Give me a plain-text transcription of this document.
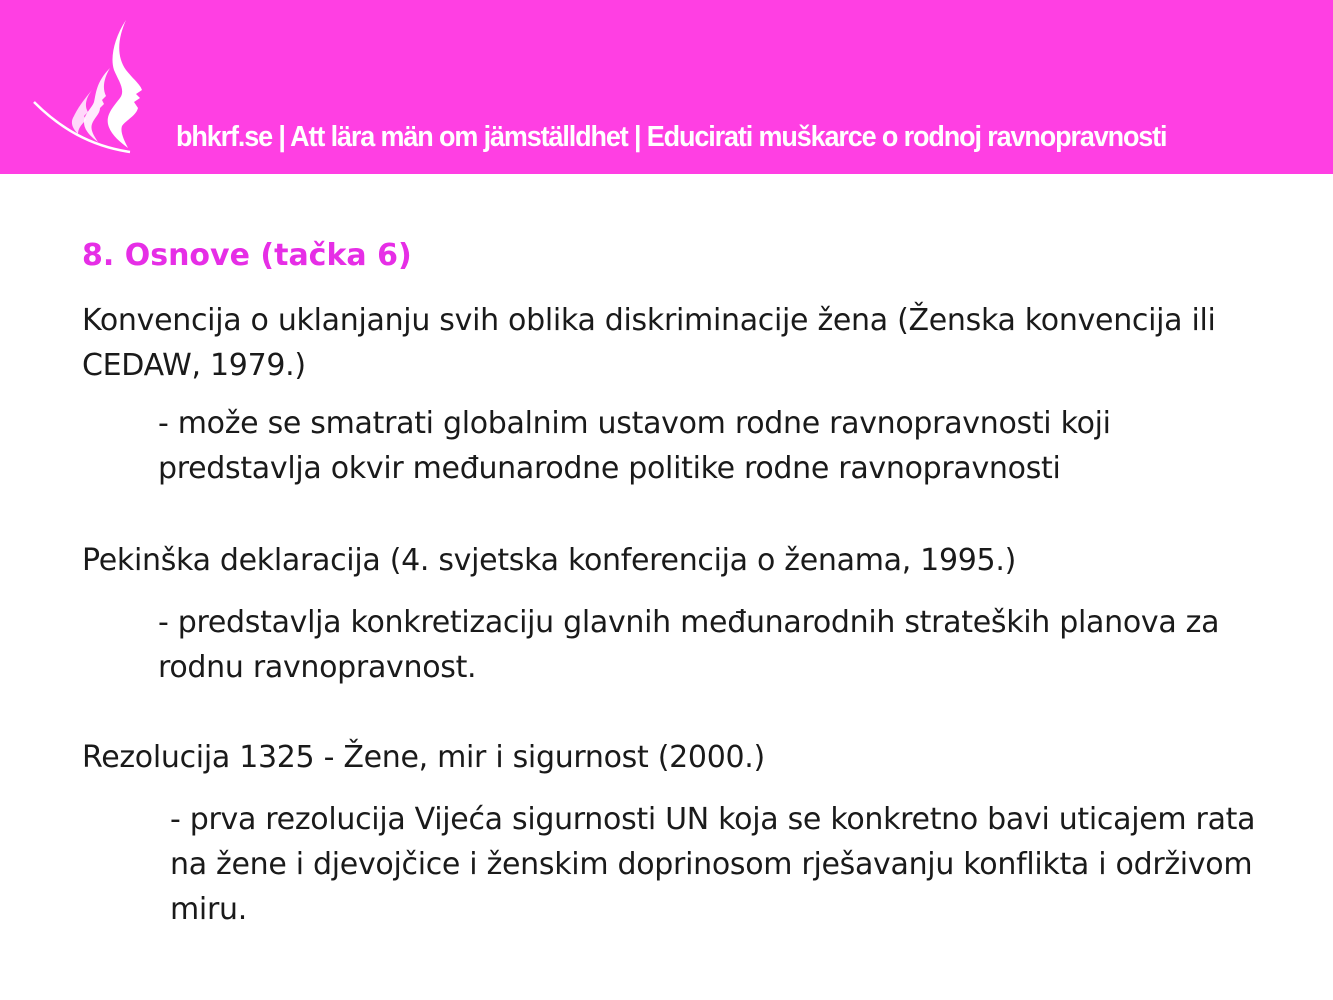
bhkrf.se | Att lära män om jämställdhet | Educirati muškarce o rodnoj ravnopravnosti
8. Osnove (tačka 6)
Konvencija o uklanjanju svih oblika diskriminacije žena (Ženska konvencija ili CEDAW, 1979.)
- može se smatrati globalnim ustavom rodne ravnopravnosti koji predstavlja okvir međunarodne politike rodne ravnopravnosti
Pekinška deklaracija (4. svjetska konferencija o ženama, 1995.)
- predstavlja konkretizaciju glavnih međunarodnih strateških planova za rodnu ravnopravnost.
Rezolucija 1325 - Žene, mir i sigurnost (2000.)
- prva rezolucija Vijeća sigurnosti UN koja se konkretno bavi uticajem rata na žene i djevojčice i ženskim doprinosom rješavanju konflikta i održivom miru.
